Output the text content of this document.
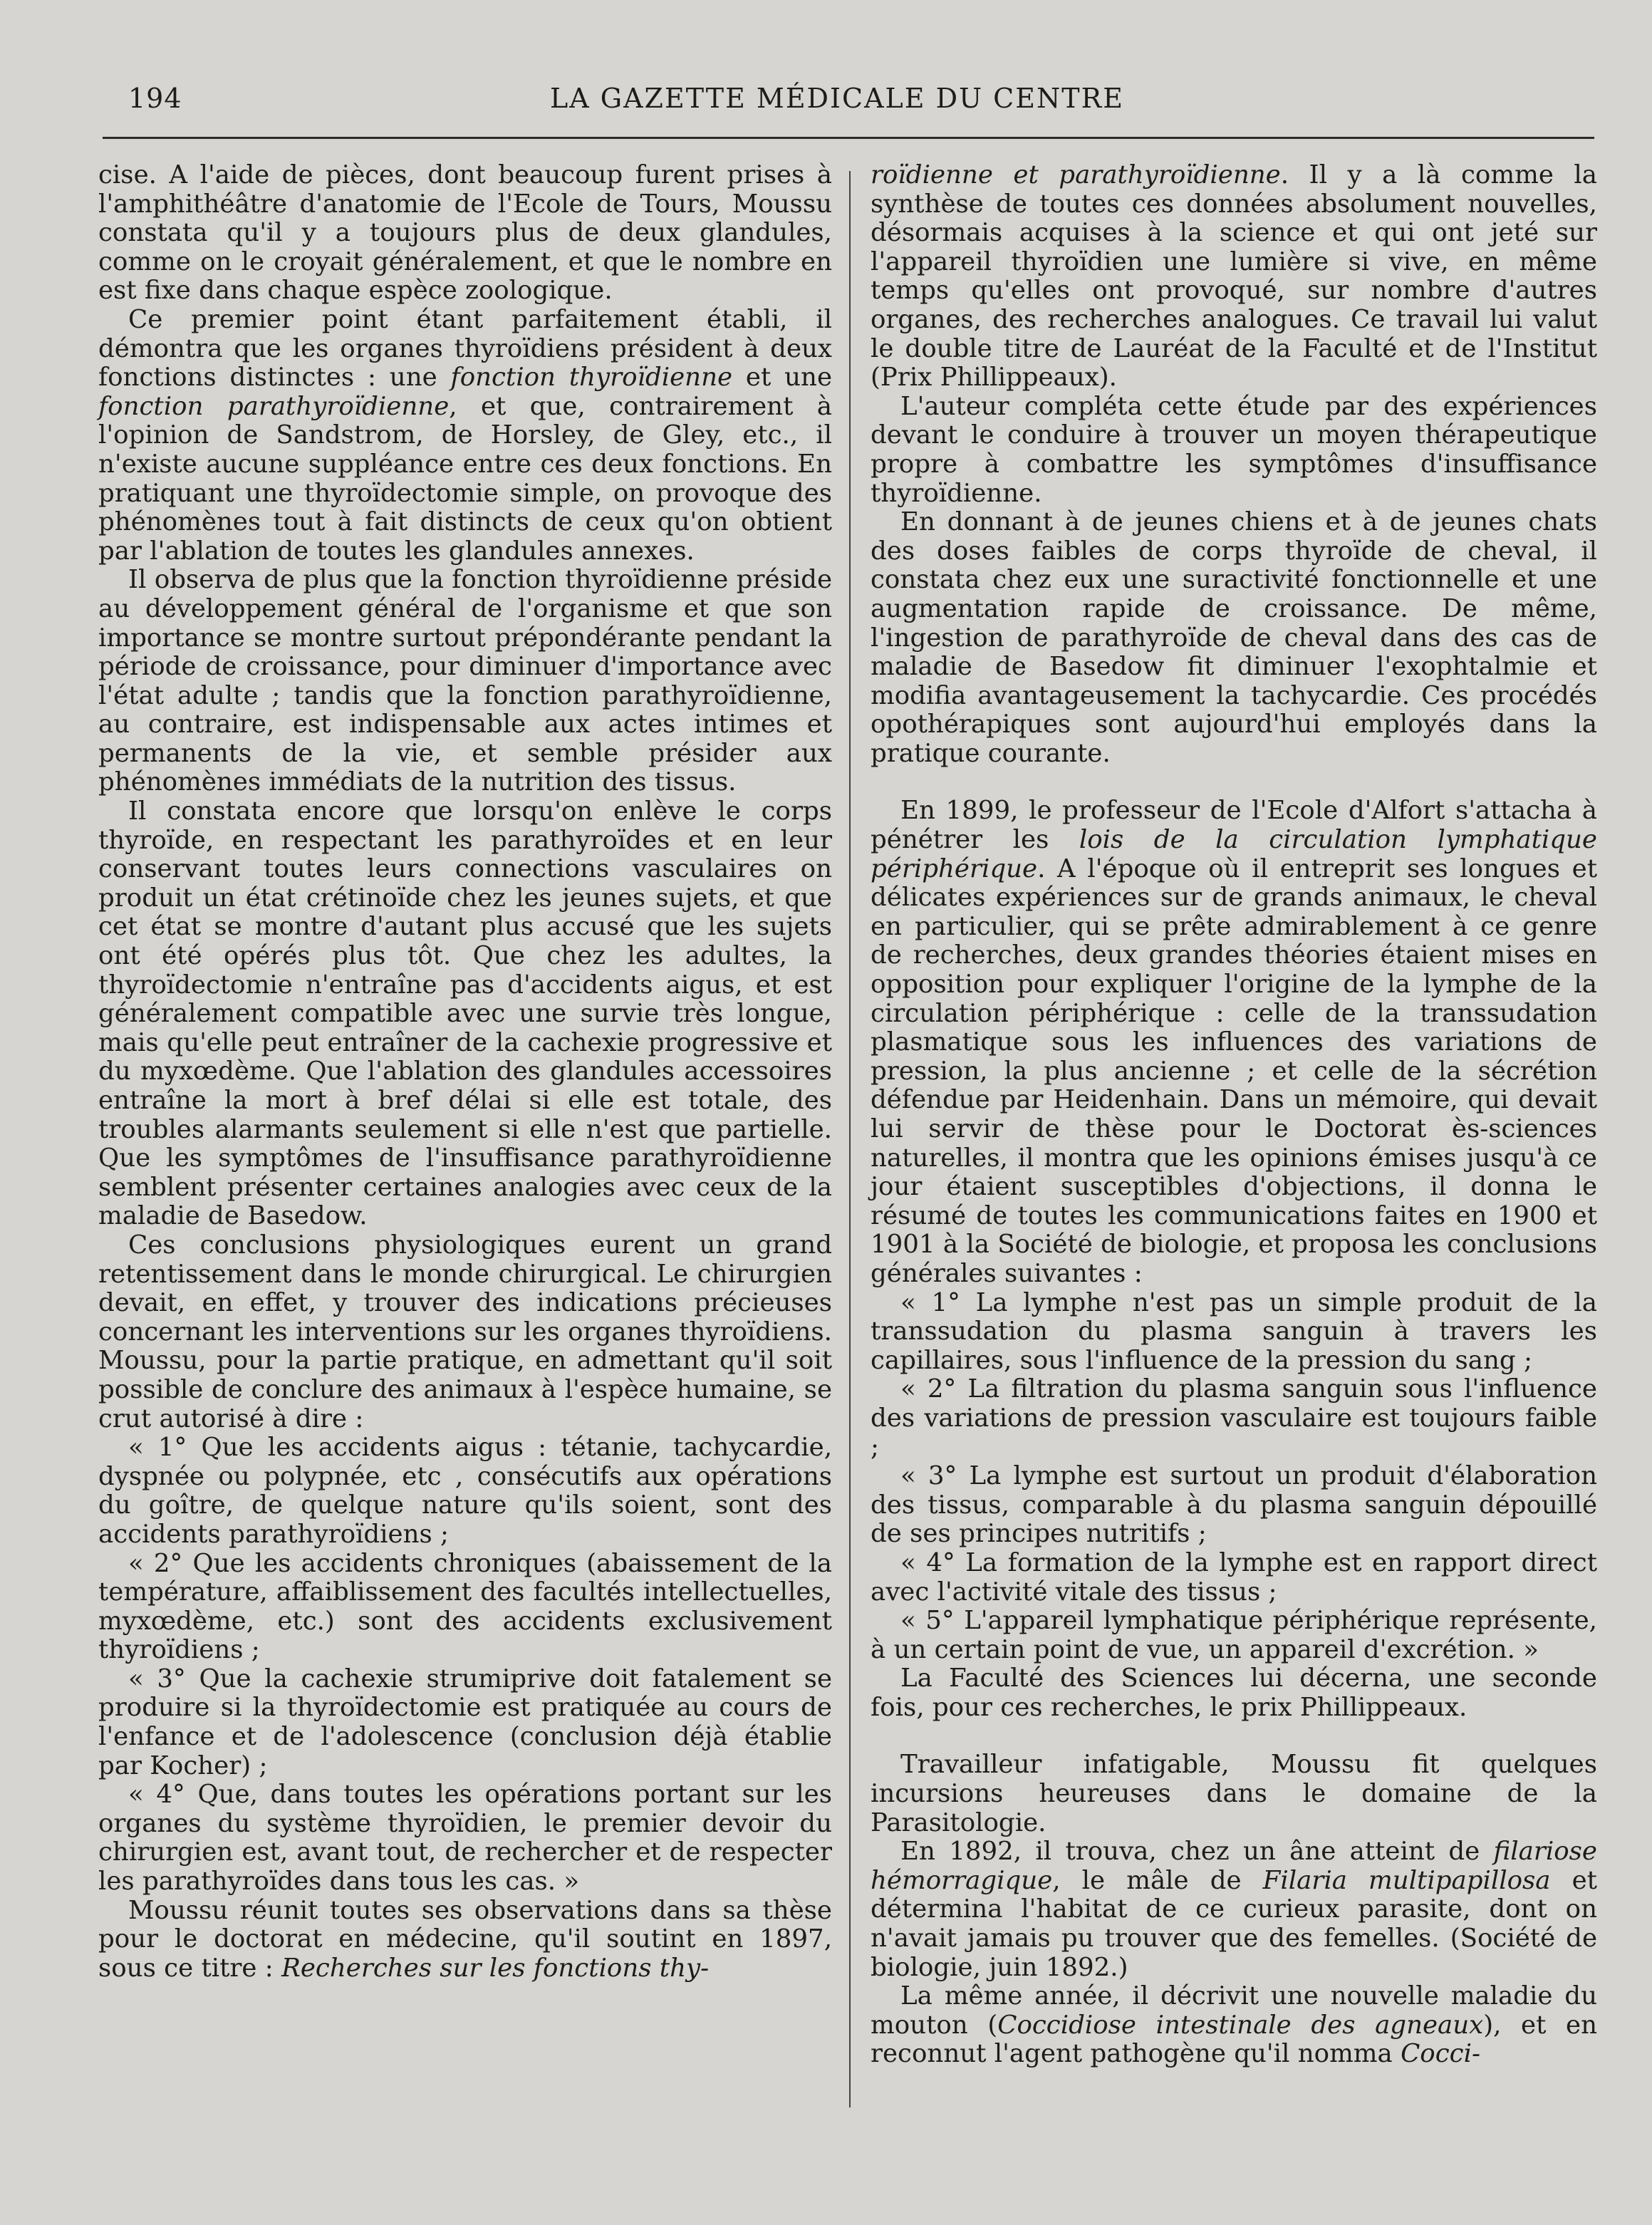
194	LA GAZETTE MÉDICALE DU CENTRE

cise. A l'aide de pièces, dont beaucoup furent prises à l'amphithéâtre d'anatomie de l'Ecole de Tours, Moussu constata qu'il y a toujours plus de deux glandules, comme on le croyait généralement, et que le nombre en est fixe dans chaque espèce zoologique.

Ce premier point étant parfaitement établi, il démontra que les organes thyroïdiens président à deux fonctions distinctes : une fonction thyroïdienne et une fonction parathyroïdienne, et que, contrairement à l'opinion de Sandstrom, de Horsley, de Gley, etc., il n'existe aucune suppléance entre ces deux fonctions. En pratiquant une thyroïdectomie simple, on provoque des phénomènes tout à fait distincts de ceux qu'on obtient par l'ablation de toutes les glandules annexes.

Il observa de plus que la fonction thyroïdienne préside au développement général de l'organisme et que son importance se montre surtout prépondérante pendant la période de croissance, pour diminuer d'importance avec l'état adulte ; tandis que la fonction parathyroïdienne, au contraire, est indispensable aux actes intimes et permanents de la vie, et semble présider aux phénomènes immédiats de la nutrition des tissus.

Il constata encore que lorsqu'on enlève le corps thyroïde, en respectant les parathyroïdes et en leur conservant toutes leurs connections vasculaires on produit un état crétinoïde chez les jeunes sujets, et que cet état se montre d'autant plus accusé que les sujets ont été opérés plus tôt. Que chez les adultes, la thyroïdectomie n'entraîne pas d'accidents aigus, et est généralement compatible avec une survie très longue, mais qu'elle peut entraîner de la cachexie progressive et du myxœdème. Que l'ablation des glandules accessoires entraîne la mort à bref délai si elle est totale, des troubles alarmants seulement si elle n'est que partielle. Que les symptômes de l'insuffisance parathyroïdienne semblent présenter certaines analogies avec ceux de la maladie de Basedow.

Ces conclusions physiologiques eurent un grand retentissement dans le monde chirurgical. Le chirurgien devait, en effet, y trouver des indications précieuses concernant les interventions sur les organes thyroïdiens. Moussu, pour la partie pratique, en admettant qu'il soit possible de conclure des animaux à l'espèce humaine, se crut autorisé à dire :

« 1° Que les accidents aigus : tétanie, tachycardie, dyspnée ou polypnée, etc , consécutifs aux opérations du goître, de quelque nature qu'ils soient, sont des accidents parathyroïdiens ;

« 2° Que les accidents chroniques (abaissement de la température, affaiblissement des facultés intellectuelles, myxœdème, etc.) sont des accidents exclusivement thyroïdiens ;

« 3° Que la cachexie strumiprive doit fatalement se produire si la thyroïdectomie est pratiquée au cours de l'enfance et de l'adolescence (conclusion déjà établie par Kocher) ;

« 4° Que, dans toutes les opérations portant sur les organes du système thyroïdien, le premier devoir du chirurgien est, avant tout, de rechercher et de respecter les parathyroïdes dans tous les cas. »

Moussu réunit toutes ses observations dans sa thèse pour le doctorat en médecine, qu'il soutint en 1897, sous ce titre : Recherches sur les fonctions thy-

roïdienne et parathyroïdienne. Il y a là comme la synthèse de toutes ces données absolument nouvelles, désormais acquises à la science et qui ont jeté sur l'appareil thyroïdien une lumière si vive, en même temps qu'elles ont provoqué, sur nombre d'autres organes, des recherches analogues. Ce travail lui valut le double titre de Lauréat de la Faculté et de l'Institut (Prix Phillippeaux).

L'auteur compléta cette étude par des expériences devant le conduire à trouver un moyen thérapeutique propre à combattre les symptômes d'insuffisance thyroïdienne.

En donnant à de jeunes chiens et à de jeunes chats des doses faibles de corps thyroïde de cheval, il constata chez eux une suractivité fonctionnelle et une augmentation rapide de croissance. De même, l'ingestion de parathyroïde de cheval dans des cas de maladie de Basedow fit diminuer l'exophtalmie et modifia avantageusement la tachycardie. Ces procédés opothérapiques sont aujourd'hui employés dans la pratique courante.

En 1899, le professeur de l'Ecole d'Alfort s'attacha à pénétrer les lois de la circulation lymphatique périphérique. A l'époque où il entreprit ses longues et délicates expériences sur de grands animaux, le cheval en particulier, qui se prête admirablement à ce genre de recherches, deux grandes théories étaient mises en opposition pour expliquer l'origine de la lymphe de la circulation périphérique : celle de la transsudation plasmatique sous les influences des variations de pression, la plus ancienne ; et celle de la sécrétion défendue par Heidenhain. Dans un mémoire, qui devait lui servir de thèse pour le Doctorat ès-sciences naturelles, il montra que les opinions émises jusqu'à ce jour étaient susceptibles d'objections, il donna le résumé de toutes les communications faites en 1900 et 1901 à la Société de biologie, et proposa les conclusions générales suivantes :

« 1° La lymphe n'est pas un simple produit de la transsudation du plasma sanguin à travers les capillaires, sous l'influence de la pression du sang ;

« 2° La filtration du plasma sanguin sous l'influence des variations de pression vasculaire est toujours faible ;

« 3° La lymphe est surtout un produit d'élaboration des tissus, comparable à du plasma sanguin dépouillé de ses principes nutritifs ;

« 4° La formation de la lymphe est en rapport direct avec l'activité vitale des tissus ;

« 5° L'appareil lymphatique périphérique représente, à un certain point de vue, un appareil d'excrétion. »

La Faculté des Sciences lui décerna, une seconde fois, pour ces recherches, le prix Phillippeaux.

Travailleur infatigable, Moussu fit quelques incursions heureuses dans le domaine de la Parasitologie.

En 1892, il trouva, chez un âne atteint de filariose hémorragique, le mâle de Filaria multipapillosa et détermina l'habitat de ce curieux parasite, dont on n'avait jamais pu trouver que des femelles. (Société de biologie, juin 1892.)

La même année, il décrivit une nouvelle maladie du mouton (Coccidiose intestinale des agneaux), et en reconnut l'agent pathogène qu'il nomma Cocci-
